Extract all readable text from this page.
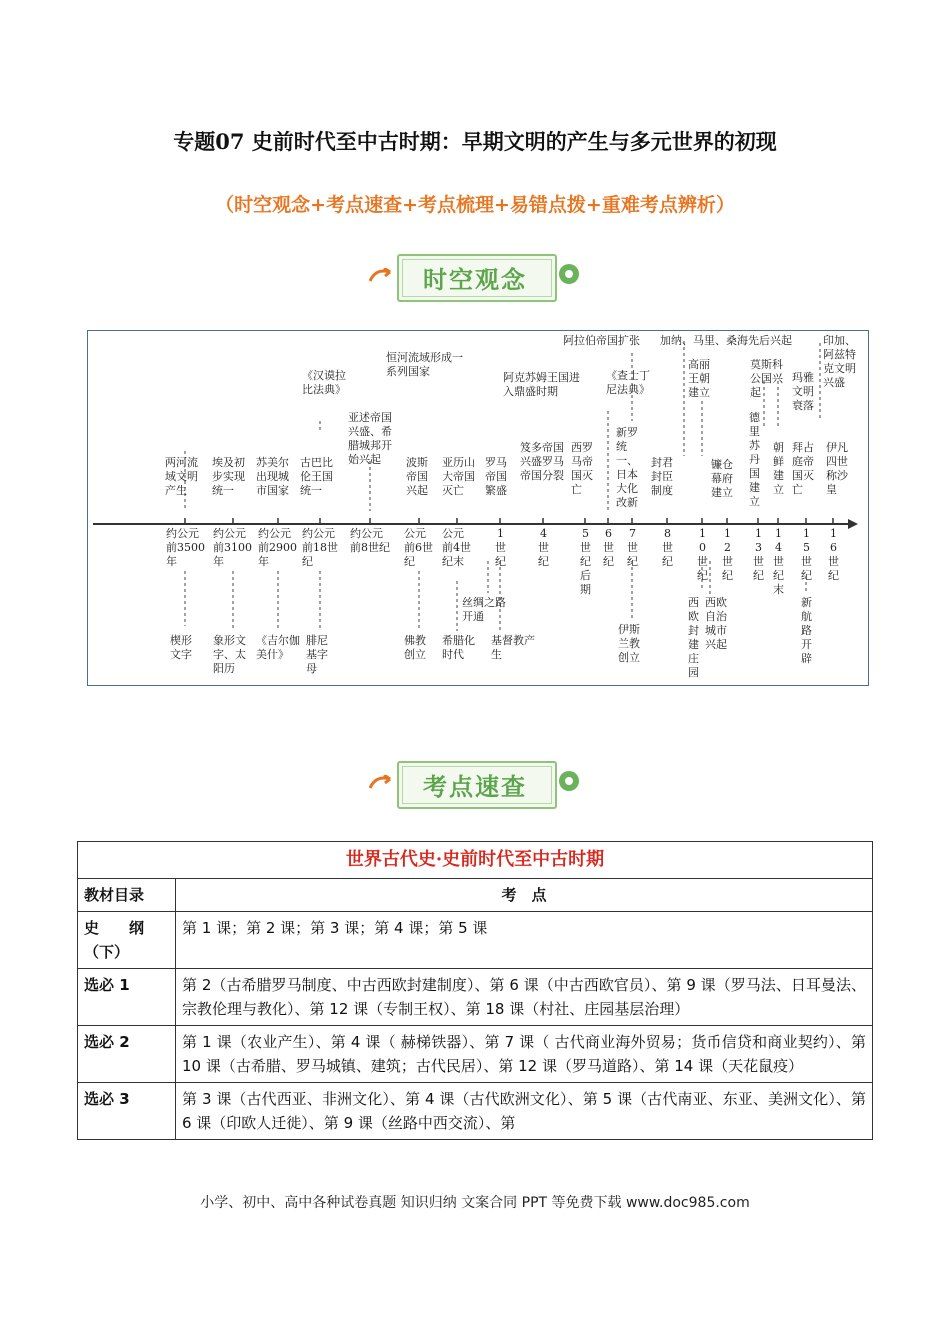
专题07 史前时代至中古时期：早期文明的产生与多元世界的初现
（时空观念+考点速查+考点梳理+易错点拨+重难考点辨析）
时空观念
《汉谟拉比法典》
恒河流域形成一系列国家	阿克苏姆王国进入鼎盛时期
阿拉伯帝国扩张
《查士丁尼法典》
加纳、马里、桑海先后兴起	印加、阿兹特克文明兴盛
两河流域文明产生
埃及初步实现统一
苏美尔出现城市国家
古巴比伦王国统一
亚述帝国兴盛、希腊城邦开始兴起	波斯帝国兴起
亚历山大帝国灭亡
罗马帝国繁盛
笈多帝国兴盛罗马帝国分裂
西罗马帝国灭亡
新罗统一、日本大化改新
封君封臣制度
高丽王朝建立
镰仓幕府建立
德里苏丹国建立
朝鲜建立
莫斯科公国兴起
玛雅文明衰落
拜占庭帝国灭亡
伊凡四世称沙皇
约公元前3500年
约公元前3100年
约公元前2900年
约公元前18世纪
约公元前8世纪
公元前6世纪
公元前4世纪末
1世纪
4世纪
5世纪后期
6世纪
7世纪
8世纪
10世纪
12世纪
13世纪
14世纪末
15世纪
16世纪
楔形文字
象形文字、太阳历
《吉尔伽美什》
腓尼基字母
佛教创立
希腊化时代
丝绸之路开通
基督教产生
伊斯兰教创立
西欧封建庄园
西欧自治城市兴起
新航路开辟
考点速查
世界古代史·史前时代至中古时期	
教材目录	考　点
史　　纲（下）	第 1 课；第 2 课；第 3 课；第 4 课；第 5 课
选必 1	第 2（古希腊罗马制度、中古西欧封建制度）、第 6 课（中古西欧官员）、第 9 课（罗马法、日耳曼法、宗教伦理与教化）、第 12 课（专制王权）、第 18 课（村社、庄园基层治理）
选必 2	第 1 课（农业产生）、第 4 课（ 赫梯铁器）、第 7 课（ 古代商业海外贸易；货币信贷和商业契约）、第 10 课（古希腊、罗马城镇、建筑；古代民居）、第 12 课（罗马道路）、第 14 课（天花鼠疫）
选必 3	第 3 课（古代西亚、非洲文化）、第 4 课（古代欧洲文化）、第 5 课（古代南亚、东亚、美洲文化）、第 6 课（印欧人迁徙）、第 9 课（丝路中西交流）、第
小学、初中、高中各种试卷真题 知识归纳 文案合同 PPT 等免费下载 www.doc985.com
